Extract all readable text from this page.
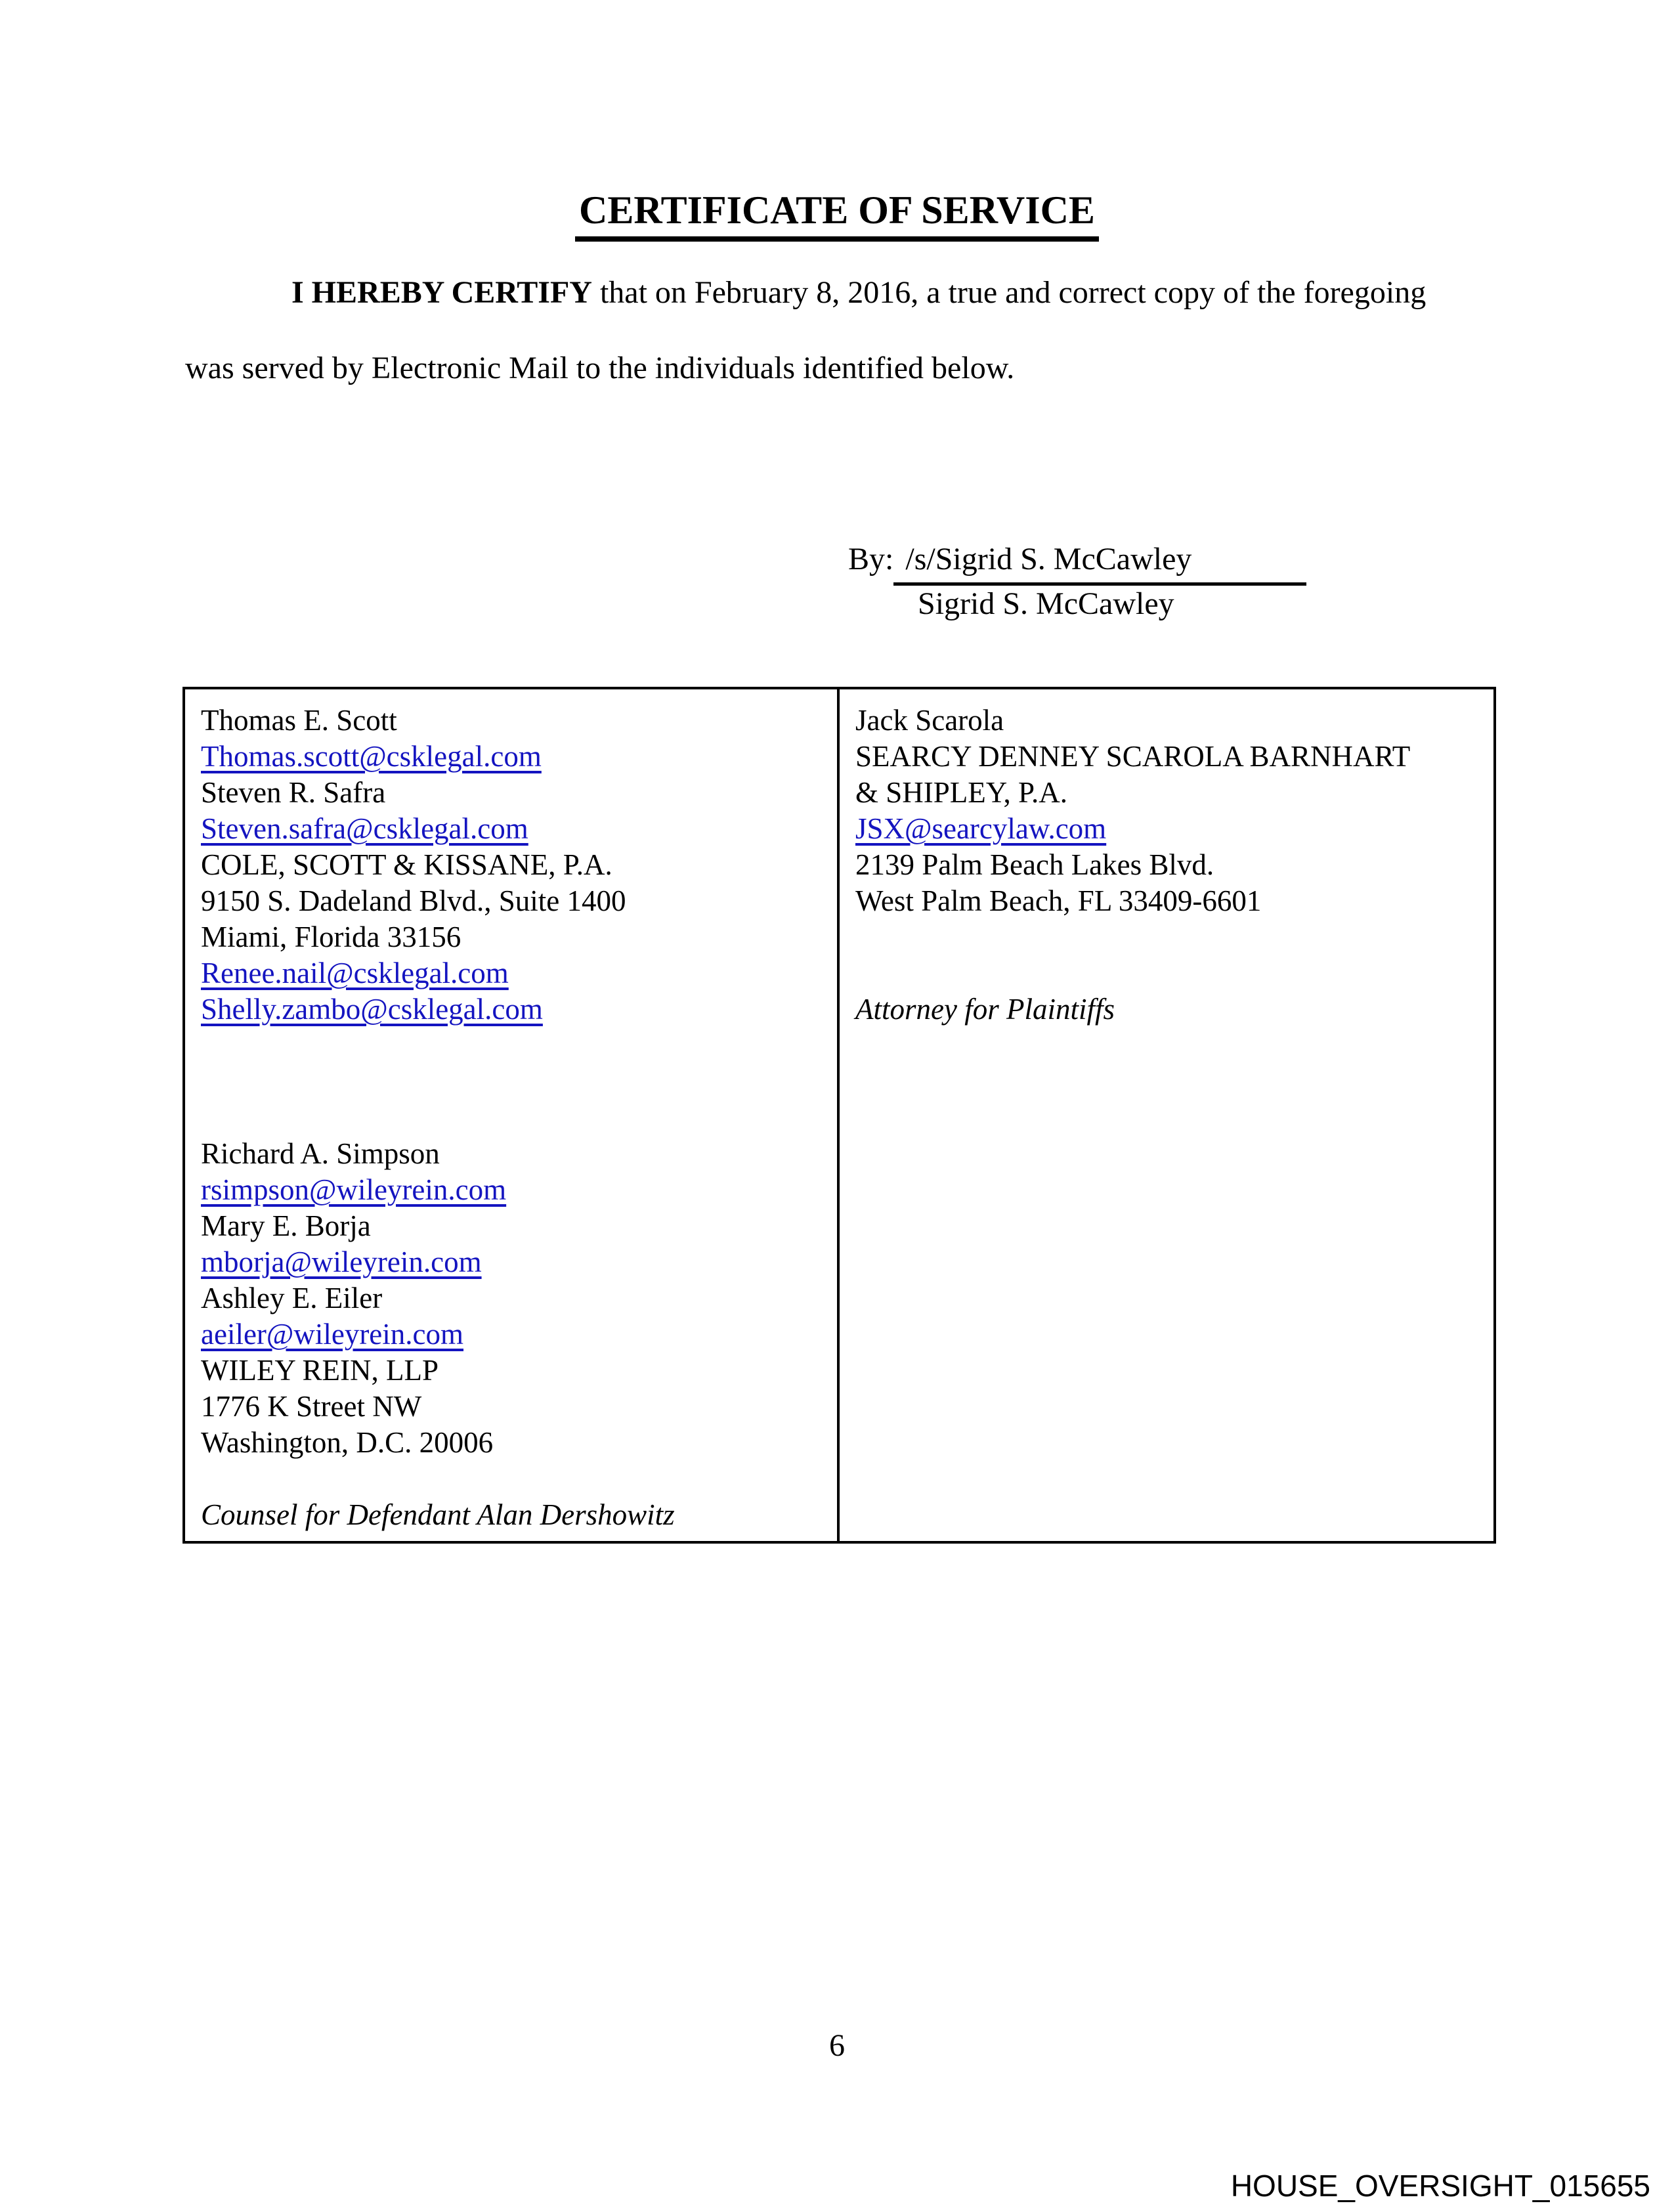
CERTIFICATE OF SERVICE
I HEREBY CERTIFY that on February 8, 2016, a true and correct copy of the foregoing
was served by Electronic Mail to the individuals identified below.
By: /s/Sigrid S. McCawley
Sigrid S. McCawley
Thomas E. Scott
Thomas.scott@csklegal.com
Steven R. Safra
Steven.safra@csklegal.com
COLE, SCOTT & KISSANE, P.A.
9150 S. Dadeland Blvd., Suite 1400
Miami, Florida 33156
Renee.nail@csklegal.com
Shelly.zambo@csklegal.com

Richard A. Simpson
rsimpson@wileyrein.com
Mary E. Borja
mborja@wileyrein.com
Ashley E. Eiler
aeiler@wileyrein.com
WILEY REIN, LLP
1776 K Street NW
Washington, D.C. 20006

Counsel for Defendant Alan Dershowitz
Jack Scarola
SEARCY DENNEY SCAROLA BARNHART
& SHIPLEY, P.A.
JSX@searcylaw.com
2139 Palm Beach Lakes Blvd.
West Palm Beach, FL 33409-6601

Attorney for Plaintiffs
6
HOUSE_OVERSIGHT_015655
